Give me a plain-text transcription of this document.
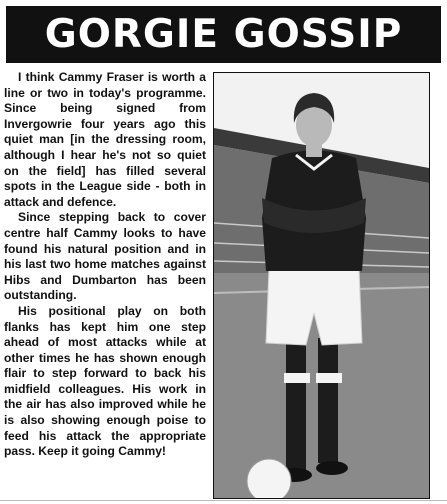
GORGIE GOSSIP

I think Cammy Fraser is worth a line or two in today's programme. Since being signed from Invergowrie four years ago this quiet man [in the dressing room, although I hear he's not so quiet on the field] has filled several spots in the League side - both in attack and defence.

Since stepping back to cover centre half Cammy looks to have found his natural position and in his last two home matches against Hibs and Dumbarton has been outstanding.

His positional play on both flanks has kept him one step ahead of most attacks while at other times he has shown enough flair to step forward to back his midfield colleagues. His work in the air has also improved while he is also showing enough poise to feed his attack the appropriate pass. Keep it going Cammy!
